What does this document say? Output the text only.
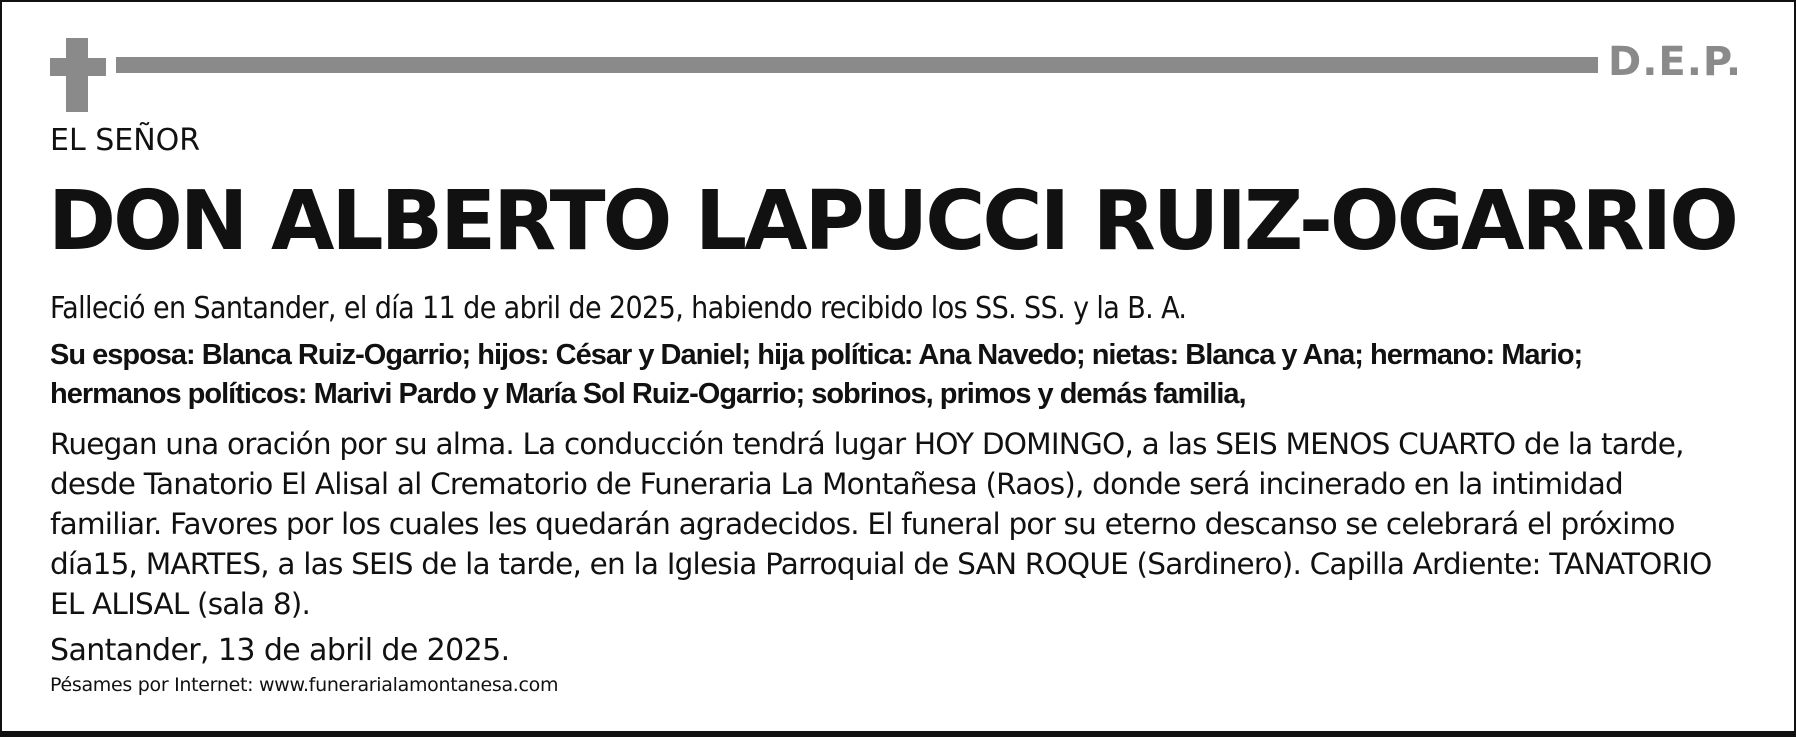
D.E.P.
EL SEÑOR
DON ALBERTO LAPUCCI RUIZ-OGARRIO
Falleció en Santander, el día 11 de abril de 2025, habiendo recibido los SS. SS. y la B. A.
Su esposa: Blanca Ruiz-Ogarrio; hijos: César y Daniel; hija política: Ana Navedo; nietas: Blanca y Ana; hermano: Mario;
hermanos políticos: Marivi Pardo y María Sol Ruiz-Ogarrio; sobrinos, primos y demás familia,
Ruegan una oración por su alma. La conducción tendrá lugar HOY DOMINGO, a las SEIS MENOS CUARTO de la tarde,
desde Tanatorio El Alisal al Crematorio de Funeraria La Montañesa (Raos), donde será incinerado en la intimidad
familiar. Favores por los cuales les quedarán agradecidos. El funeral por su eterno descanso se celebrará el próximo
día15, MARTES, a las SEIS de la tarde, en la Iglesia Parroquial de SAN ROQUE (Sardinero). Capilla Ardiente: TANATORIO
EL ALISAL (sala 8).
Santander, 13 de abril de 2025.
Pésames por Internet: www.funerarialamontanesa.com
